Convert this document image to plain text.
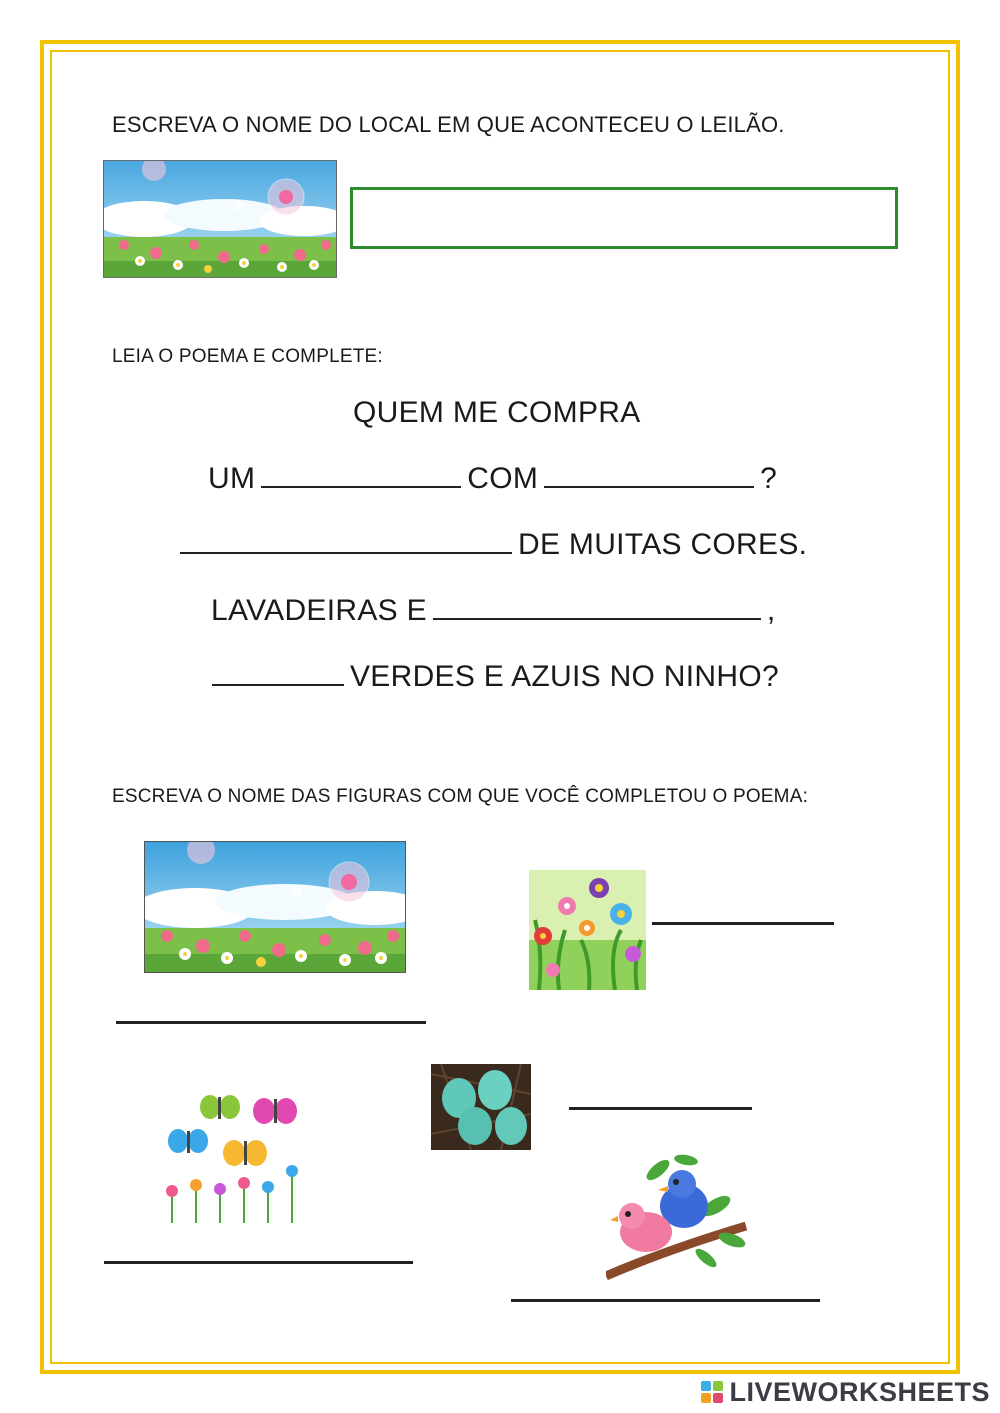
ESCREVA O NOME DO LOCAL EM QUE ACONTECEU O LEILÃO.
LEIA O POEMA E COMPLETE:
QUEM ME COMPRA
UM	COM	?
DE MUITAS CORES.
LAVADEIRAS E	,
VERDES E AZUIS NO NINHO?
ESCREVA O NOME DAS FIGURAS COM QUE VOCÊ COMPLETOU O POEMA:
LIVEWORKSHEETS
